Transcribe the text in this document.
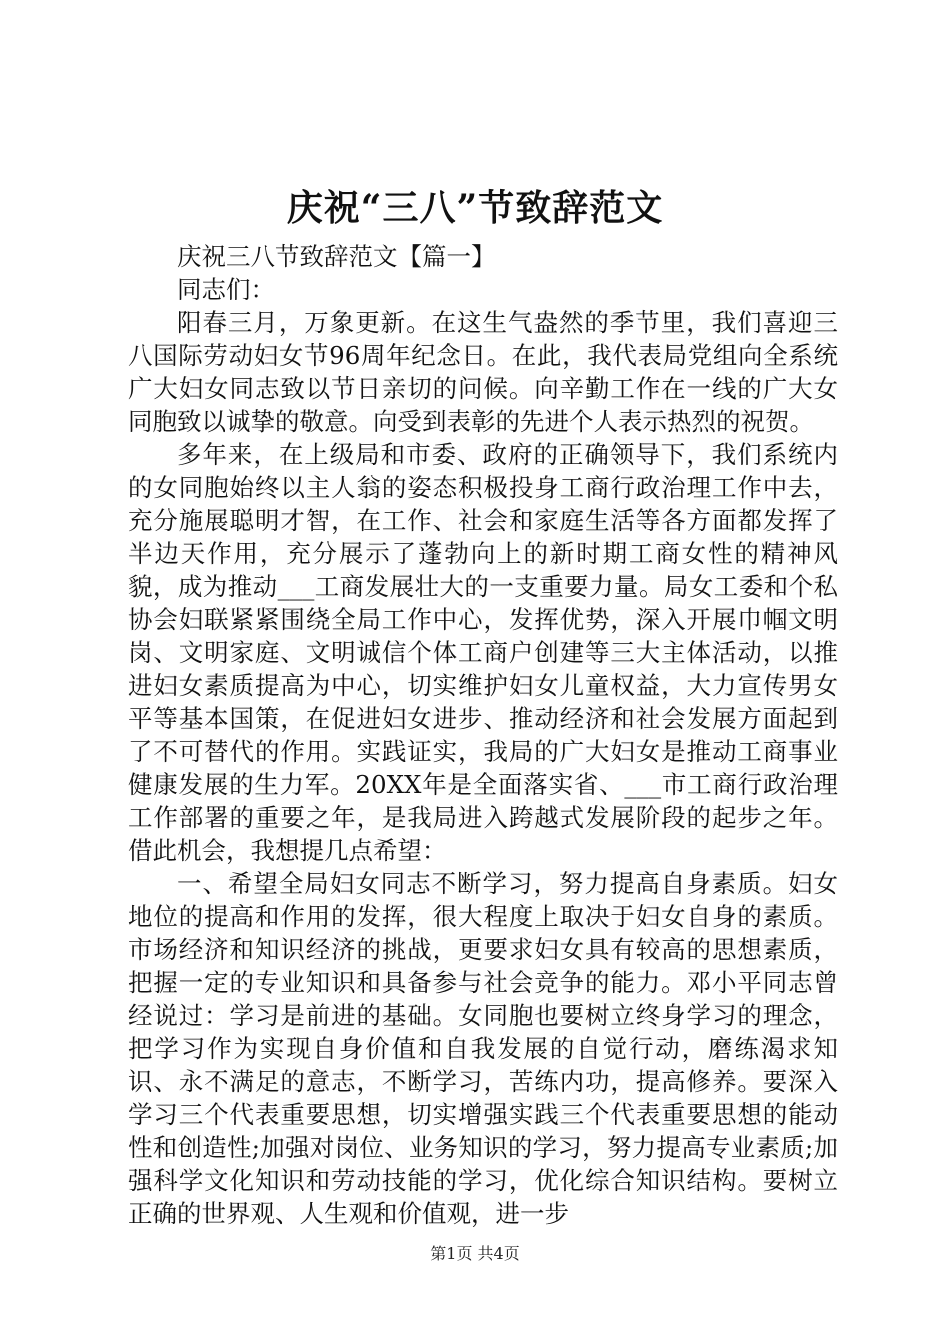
庆祝“三八”节致辞范文

庆祝三八节致辞范文【篇一】

同志们：

阳春三月，万象更新。在这生气盎然的季节里，我们喜迎三八国际劳动妇女节96周年纪念日。在此，我代表局党组向全系统广大妇女同志致以节日亲切的问候。向辛勤工作在一线的广大女同胞致以诚挚的敬意。向受到表彰的先进个人表示热烈的祝贺。

多年来，在上级局和市委、政府的正确领导下，我们系统内的女同胞始终以主人翁的姿态积极投身工商行政治理工作中去，充分施展聪明才智，在工作、社会和家庭生活等各方面都发挥了半边天作用，充分展示了蓬勃向上的新时期工商女性的精神风貌，成为推动___工商发展壮大的一支重要力量。局女工委和个私协会妇联紧紧围绕全局工作中心，发挥优势，深入开展巾帼文明岗、文明家庭、文明诚信个体工商户创建等三大主体活动，以推进妇女素质提高为中心，切实维护妇女儿童权益，大力宣传男女平等基本国策，在促进妇女进步、推动经济和社会发展方面起到了不可替代的作用。实践证实，我局的广大妇女是推动工商事业健康发展的生力军。20XX年是全面落实省、___市工商行政治理工作部署的重要之年，是我局进入跨越式发展阶段的起步之年。借此机会，我想提几点希望：

一、希望全局妇女同志不断学习，努力提高自身素质。妇女地位的提高和作用的发挥，很大程度上取决于妇女自身的素质。市场经济和知识经济的挑战，更要求妇女具有较高的思想素质，把握一定的专业知识和具备参与社会竞争的能力。邓小平同志曾经说过：学习是前进的基础。女同胞也要树立终身学习的理念，把学习作为实现自身价值和自我发展的自觉行动，磨练渴求知识、永不满足的意志，不断学习，苦练内功，提高修养。要深入学习三个代表重要思想，切实增强实践三个代表重要思想的能动性和创造性;加强对岗位、业务知识的学习，努力提高专业素质;加强科学文化知识和劳动技能的学习，优化综合知识结构。要树立正确的世界观、人生观和价值观，进一步

第1页 共4页
